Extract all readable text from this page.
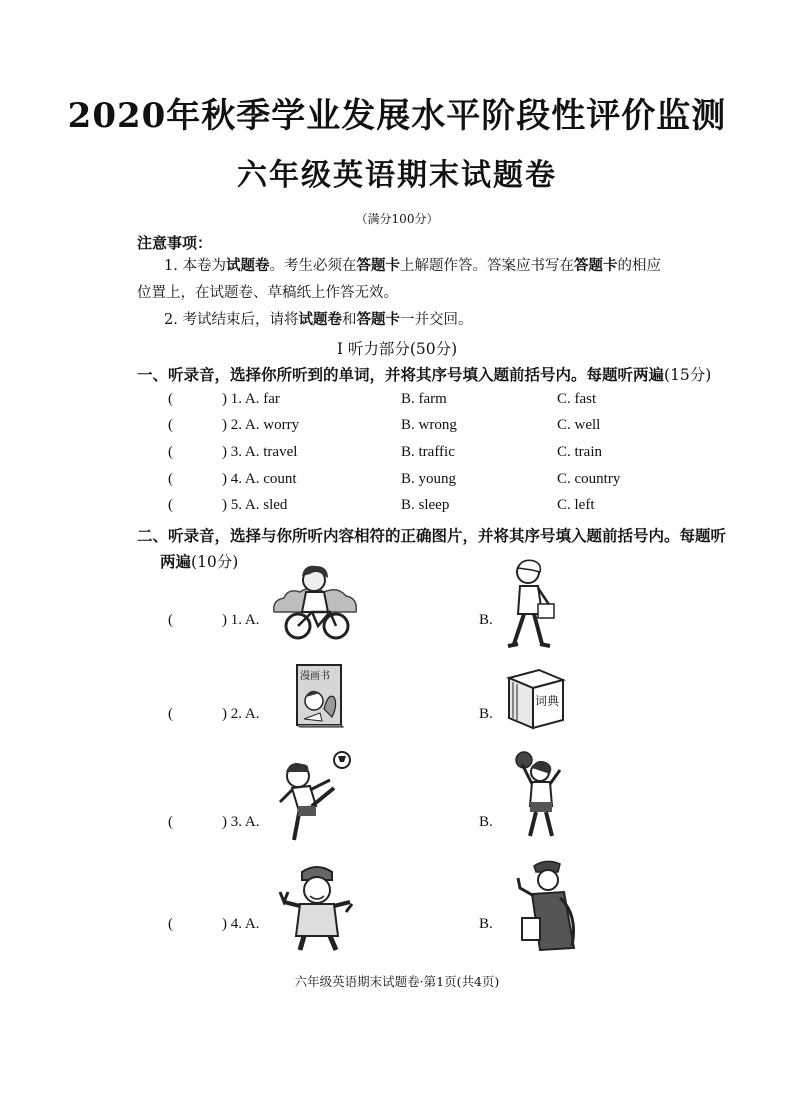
2020年秋季学业发展水平阶段性评价监测
六年级英语期末试题卷
（满分100分）
注意事项：
1. 本卷为试题卷。考生必须在答题卡上解题作答。答案应书写在答题卡的相应
位置上，在试题卷、草稿纸上作答无效。
2. 考试结束后，请将试题卷和答题卡一并交回。
Ⅰ 听力部分(50分)
一、听录音，选择你所听到的单词，并将其序号填入题前括号内。每题听两遍(15分)
(	) 1. A. far	B. farm	C. fast
(	) 2. A. worry	B. wrong	C. well
(	) 3. A. travel	B. traffic	C. train
(	) 4. A. count	B. young	C. country
(	) 5. A. sled	B. sleep	C. left
二、听录音，选择与你所听内容相符的正确图片，并将其序号填入题前括号内。每题听
两遍(10分)
(	) 1. A.	B.
(	) 2. A.	B.
漫画书
词典
(	) 3. A.	B.
(	) 4. A.	B.
六年级英语期末试题卷·第1页(共4页)
